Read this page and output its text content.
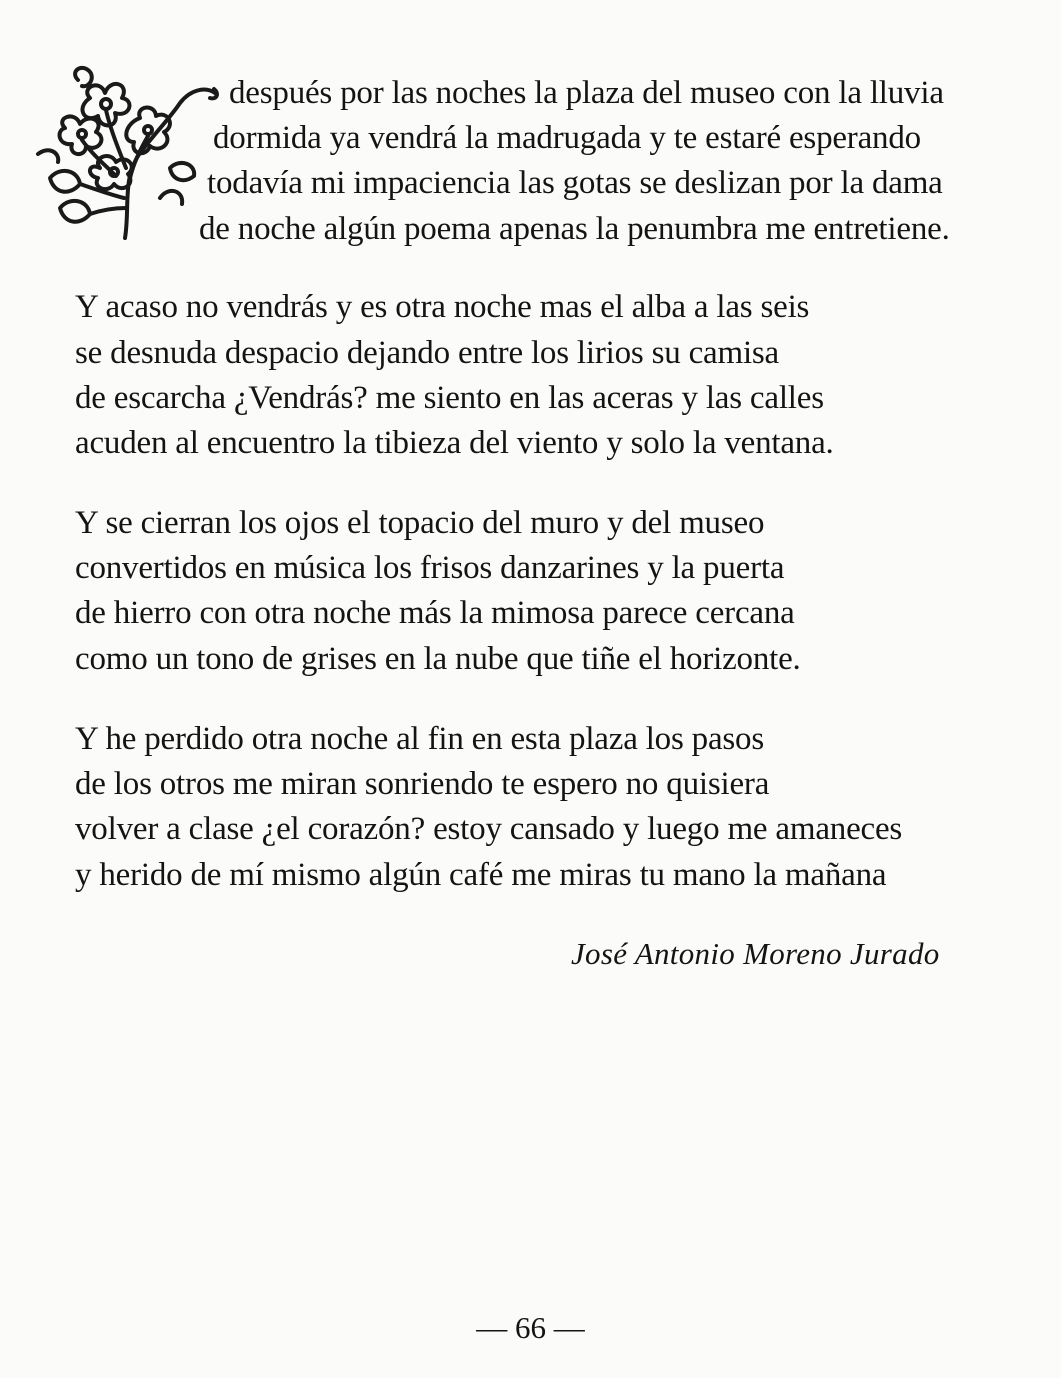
después por las noches la plaza del museo con la lluvia

dormida ya vendrá la madrugada y te estaré esperando

todavía mi impaciencia las gotas se deslizan por la dama

de noche algún poema apenas la penumbra me entretiene.

Y acaso no vendrás y es otra noche mas el alba a las seis

se desnuda despacio dejando entre los lirios su camisa

de escarcha ¿Vendrás? me siento en las aceras y las calles

acuden al encuentro la tibieza del viento y solo la ventana.

Y se cierran los ojos el topacio del muro y del museo

convertidos en música los frisos danzarines y la puerta

de hierro con otra noche más la mimosa parece cercana

como un tono de grises en la nube que tiñe el horizonte.

Y he perdido otra noche al fin en esta plaza los pasos

de los otros me miran sonriendo te espero no quisiera

volver a clase ¿el corazón? estoy cansado y luego me amaneces

y herido de mí mismo algún café me miras tu mano la mañana

José Antonio Moreno Jurado

— 66 —
